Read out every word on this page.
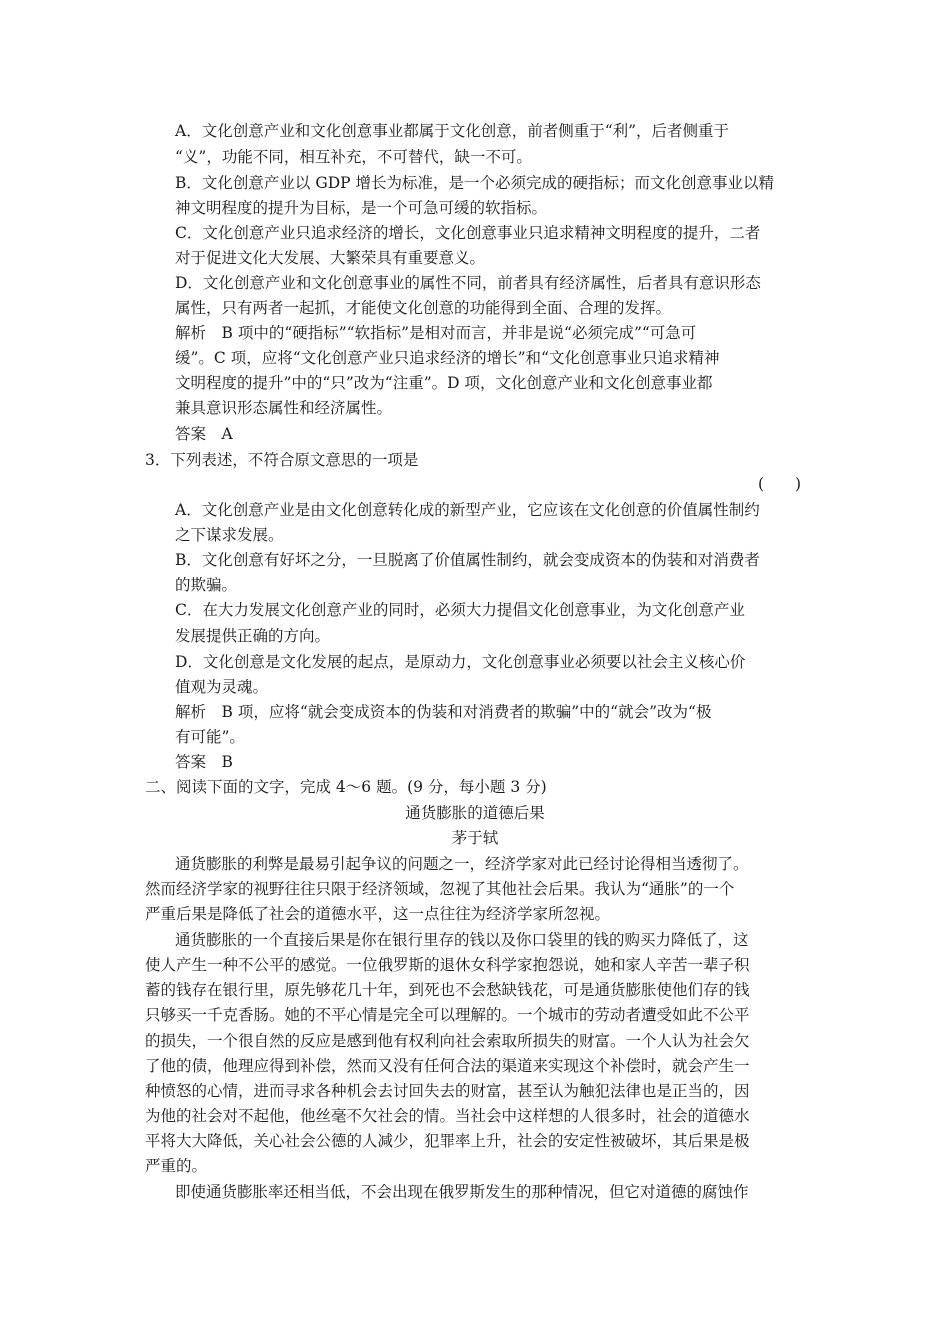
A．文化创意产业和文化创意事业都属于文化创意，前者侧重于“利”，后者侧重于
“义”，功能不同，相互补充，不可替代，缺一不可。
B．文化创意产业以 GDP 增长为标准，是一个必须完成的硬指标；而文化创意事业以精
神文明程度的提升为目标，是一个可急可缓的软指标。
C．文化创意产业只追求经济的增长，文化创意事业只追求精神文明程度的提升，二者
对于促进文化大发展、大繁荣具有重要意义。
D．文化创意产业和文化创意事业的属性不同，前者具有经济属性，后者具有意识形态
属性，只有两者一起抓，才能使文化创意的功能得到全面、合理的发挥。
解析　B 项中的“硬指标”“软指标”是相对而言，并非是说“必须完成”“可急可
缓”。C 项，应将“文化创意产业只追求经济的增长”和“文化创意事业只追求精神
文明程度的提升”中的“只”改为“注重”。D 项，文化创意产业和文化创意事业都
兼具意识形态属性和经济属性。
答案　A
3．下列表述，不符合原文意思的一项是
(　　)
A．文化创意产业是由文化创意转化成的新型产业，它应该在文化创意的价值属性制约
之下谋求发展。
B．文化创意有好坏之分，一旦脱离了价值属性制约，就会变成资本的伪装和对消费者
的欺骗。
C．在大力发展文化创意产业的同时，必须大力提倡文化创意事业，为文化创意产业
发展提供正确的方向。
D．文化创意是文化发展的起点，是原动力，文化创意事业必须要以社会主义核心价
值观为灵魂。
解析　B 项，应将“就会变成资本的伪装和对消费者的欺骗”中的“就会”改为“极
有可能”。
答案　B
二、阅读下面的文字，完成 4～6 题。(9 分，每小题 3 分)
通货膨胀的道德后果
茅于轼
通货膨胀的利弊是最易引起争议的问题之一，经济学家对此已经讨论得相当透彻了。
然而经济学家的视野往往只限于经济领域，忽视了其他社会后果。我认为“通胀”的一个
严重后果是降低了社会的道德水平，这一点往往为经济学家所忽视。
通货膨胀的一个直接后果是你在银行里存的钱以及你口袋里的钱的购买力降低了，这
使人产生一种不公平的感觉。一位俄罗斯的退休女科学家抱怨说，她和家人辛苦一辈子积
蓄的钱存在银行里，原先够花几十年，到死也不会愁缺钱花，可是通货膨胀使他们存的钱
只够买一千克香肠。她的不平心情是完全可以理解的。一个城市的劳动者遭受如此不公平
的损失，一个很自然的反应是感到他有权利向社会索取所损失的财富。一个人认为社会欠
了他的债，他理应得到补偿，然而又没有任何合法的渠道来实现这个补偿时，就会产生一
种愤怒的心情，进而寻求各种机会去讨回失去的财富，甚至认为触犯法律也是正当的，因
为他的社会对不起他，他丝毫不欠社会的情。当社会中这样想的人很多时，社会的道德水
平将大大降低，关心社会公德的人减少，犯罪率上升，社会的安定性被破坏，其后果是极
严重的。
即使通货膨胀率还相当低，不会出现在俄罗斯发生的那种情况，但它对道德的腐蚀作
